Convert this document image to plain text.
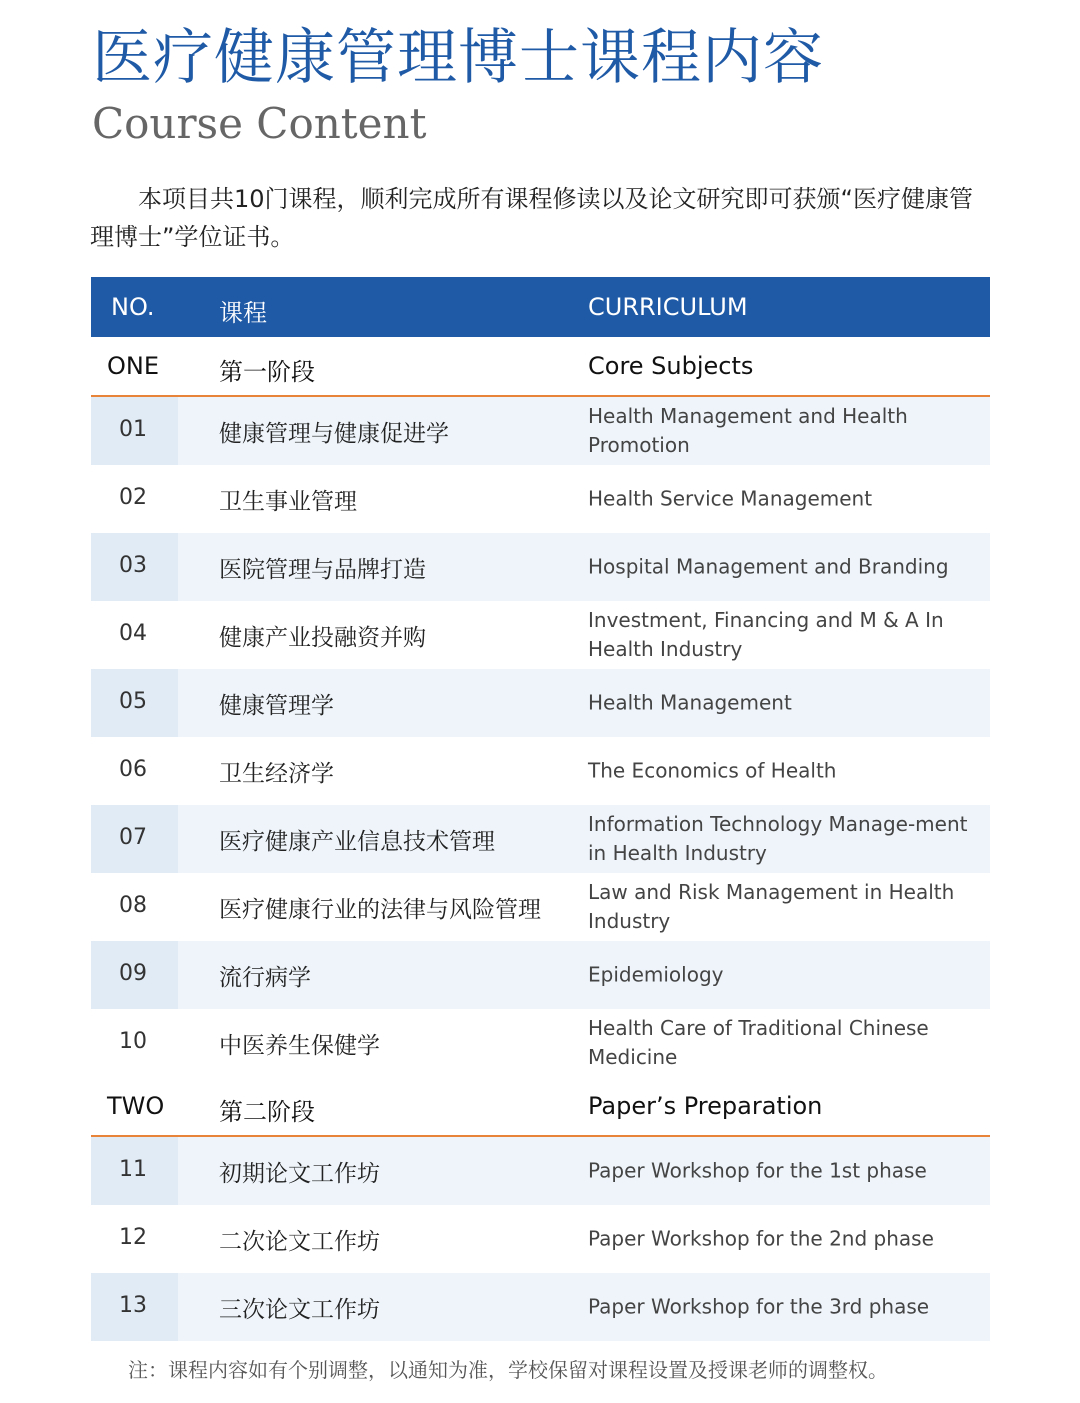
医疗健康管理博士课程内容
Course Content
本项目共10门课程，顺利完成所有课程修读以及论文研究即可获颁“医疗健康管理博士”学位证书。
NO.	课程	CURRICULUM
ONE 第一阶段	Core Subjects
01	健康管理与健康促进学
Health Management and Health Promotion
02	卫生事业管理	Health Service Management
03	医院管理与品牌打造	Hospital Management and Branding
04	健康产业投融资并购
Investment, Financing and M & A In Health Industry
05	健康管理学	Health Management
06	卫生经济学	The Economics of Health
07	医疗健康产业信息技术管理
Information Technology Manage-ment in Health Industry
08	医疗健康行业的法律与风险管理
Law and Risk Management in Health Industry
09	流行病学	Epidemiology
10	中医养生保健学
Health Care of Traditional Chinese Medicine
TWO 第二阶段	Paper’s Preparation
11	初期论文工作坊	Paper Workshop for the 1st phase
12	二次论文工作坊	Paper Workshop for the 2nd phase
13	三次论文工作坊	Paper Workshop for the 3rd phase
注：课程内容如有个别调整，以通知为准，学校保留对课程设置及授课老师的调整权。
